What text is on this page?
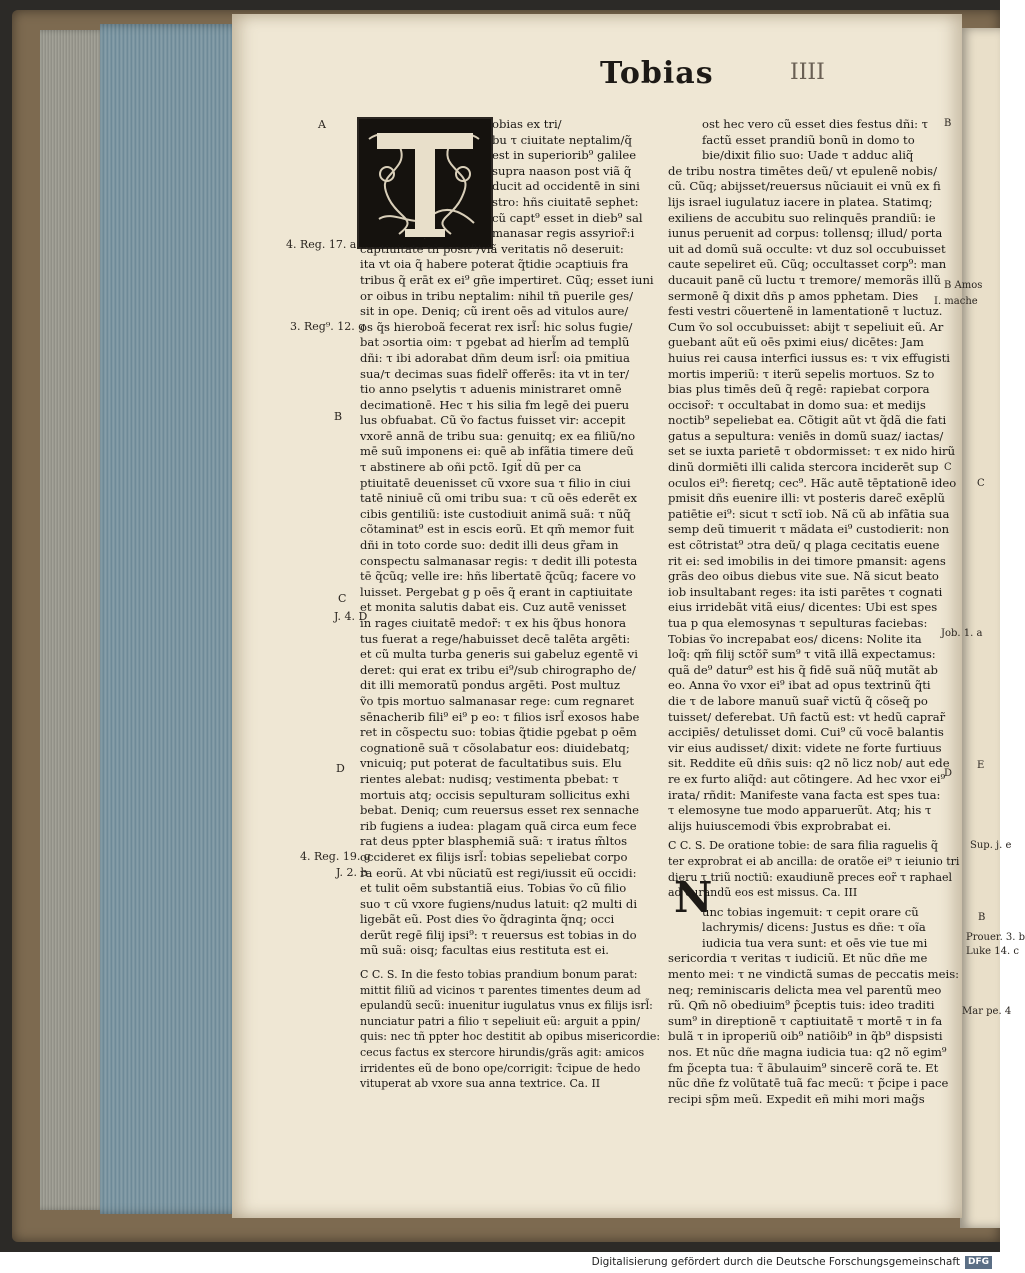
Tobias	IIII
T
N
obias ex tri/
bu τ ciuitate neptalim/q̃
est in superiorib⁹ galilee
supra naason post viã q̃
ducit ad occidentē in sini
stro: hñs ciuitatē sephet:
cũ capt⁹ esset in dieb⁹ sal
manasar regis assyrior̃:i
captiuitate tñ posit⁹/viã veritatis nõ deseruit:
ita vt oia q̃ habere poterat q̃tidie ɔcaptiuis fra
tribus q̃ erāt ex ei⁹ gñe impertiret. Cũq; esset iuni
or oibus in tribu neptalim: nihil tñ puerile ges/
sit in ope. Deniq; cũ irent oēs ad vitulos aure/
os q̃s hieroboã fecerat rex isrl̃: hic solus fugie/
bat ɔsortia oim: τ pgebat ad hierl̃m ad templũ
dñi: τ ibi adorabat dñm deum isrl̃: oia pmitiua
sua/τ decimas suas fidelr̃ offerēs: ita vt in ter/
tio anno pselytis τ aduenis ministraret omnē
decimationē. Hec τ his silia fm legē dei pueru
lus obfuabat. Cũ ṽo factus fuisset vir: accepit
vxorē annã de tribu sua: genuitq; ex ea filiũ/no
mē suũ imponens ei: quē ab infãtia timere deũ
τ abstinere ab oñi pctõ. Igit̃ dũ per ca
ptiuitatē deuenisset cũ vxore sua τ filio in ciui
tatē niniuē cũ omi tribu sua: τ cũ oēs ederēt ex
cibis gentiliũ: iste custodiuit animã suã: τ nũq̃
cõtaminat⁹ est in escis eorũ. Et qm̃ memor fuit
dñi in toto corde suo: dedit illi deus gr̃am in
conspectu salmanasar regis: τ dedit illi potesta
tē q̃cũq; velle ire: hñs libertatē q̃cũq; facere vo
luisset. Pergebat g p oēs q̃ erant in captiuitate
et monita salutis dabat eis. Cuz autē venisset
in rages ciuitatē medor̃: τ ex his q̃bus honora
tus fuerat a rege/habuisset decē talēta argēti:
et cũ multa turba generis sui gabeluz egentē vi
deret: qui erat ex tribu ei⁹/sub chirographo de/
dit illi memoratũ pondus argēti. Post multuz
ṽo tpis mortuo salmanasar rege: cum regnaret
sēnacherib fili⁹ ei⁹ p eo: τ filios isrl̃ exosos habe
ret in cõspectu suo: tobias q̃tidie pgebat p oēm
cognationē suã τ cõsolabatur eos: diuidebatq;
vnicuiq; put poterat de facultatibus suis. Elu
rientes alebat: nudisq; vestimenta pbebat: τ
mortuis atq; occisis sepulturam sollicitus exhi
bebat. Deniq; cum reuersus esset rex sennache
rib fugiens a iudea: plagam quã circa eum fece
rat deus ppter blasphemiã suã: τ iratus m̃ltos
occideret ex filijs isrl̃: tobias sepeliebat corpo
ra eorũ. At vbi nũciatũ est regi/iussit eũ occidi:
et tulit oēm substantiã eius. Tobias ṽo cũ filio
suo τ cũ vxore fugiens/nudus latuit: q2 multi di
ligebãt eũ. Post dies ṽo q̃draginta q̃nq; occi
derũt regē filij ipsi⁹: τ reuersus est tobias in do
mũ suã: oisq; facultas eius restituta est ei.
C C. S. In die festo tobias prandium bonum parat:
mittit filiũ ad vicinos τ parentes timentes deum ad
epulandũ secũ: inuenitur iugulatus vnus ex filijs isrl̃:
nunciatur patri a filio τ sepeliuit eũ: arguit a ppin/
quis: nec tñ ppter hoc destitit ab opibus misericordie:
cecus factus ex stercore hirundis/grãs agit: amicos
irridentes eũ de bono ope/corrigit: τ̃cipue de hedo
vituperat ab vxore sua anna textrice. Ca. II
ost hec vero cũ esset dies festus dñi: τ
factũ esset prandiũ bonũ in domo to
bie/dixit filio suo: Uade τ adduc aliq̃
de tribu nostra timētes deũ/ vt epulenẽ nobis/
cũ. Cũq; abijsset/reuersus nũciauit ei vnũ ex fi
lijs israel iugulatuz iacere in platea. Statimq;
exiliens de accubitu suo relinquēs prandiũ: ie
iunus peruenit ad corpus: tollensq; illud/ porta
uit ad domũ suã occulte: vt duz sol occubuisset
caute sepeliret eũ. Cũq; occultasset corp⁹: man
ducauit panē cũ luctu τ tremore/ memorãs illũ
sermonē q̃ dixit dñs p amos pphetam. Dies
festi vestri cõuertenẽ in lamentationē τ luctuz.
Cum ṽo sol occubuisset: abijt τ sepeliuit eũ. Ar
guebant aũt eũ oēs pximi eius/ dicētes: Jam
huius rei causa interfici iussus es: τ vix effugisti
mortis imperiũ: τ iterũ sepelis mortuos. Sz to
bias plus timēs deũ q̃ regē: rapiebat corpora
occisor̃: τ occultabat in domo sua: et medijs
noctib⁹ sepeliebat ea. Cõtigit aũt vt q̃dã die fati
gatus a sepultura: veniēs in domũ suaz/ iactas/
set se iuxta parietē τ obdormisset: τ ex nido hirũ
dinũ dormiēti illi calida stercora inciderēt sup
oculos ei⁹: fieretq; cec⁹. Hãc autē tēptationē ideo
pmisit dñs euenire illi: vt posteris darec̃ exēplũ
patiētie ei⁹: sicut τ sctĩ iob. Nã cũ ab infãtia sua
semp deũ timuerit τ mãdata ei⁹ custodierit: non
est cõtristat⁹ ɔtra deũ/ q plaga cecitatis euene
rit ei: sed imobilis in dei timore pmansit: agens
grãs deo oibus diebus vite sue. Nã sicut beato
iob insultabant reges: ita isti parētes τ cognati
eius irridebãt vitã eius/ dicentes: Ubi est spes
tua p qua elemosynas τ sepulturas faciebas:
Tobias ṽo increpabat eos/ dicens: Nolite ita
loq̃: qm̃ filij sctõr̃ sum⁹ τ vitã illã expectamus:
quã de⁹ datur⁹ est his q̃ fidē suã nũq̃ mutãt ab
eo. Anna ṽo vxor ei⁹ ibat ad opus textrinũ q̃ti
die τ de labore manuũ suar̃ victũ q̃ cõseq̃ po
tuisset/ deferebat. Un̄ factũ est: vt hedũ caprar̃
accipiēs/ detulisset domi. Cui⁹ cũ vocē balantis
vir eius audisset/ dixit: videte ne forte furtiuus
sit. Reddite eũ dñis suis: q2 nõ licz nob/ aut ede
re ex furto aliq̃d: aut cõtingere. Ad hec vxor ei⁹
irata/ rñdit: Manifeste vana facta est spes tua:
τ elemosyne tue modo apparuerũt. Atq; his τ
alijs huiuscemodi ṽbis exprobrabat ei.
C C. S. De oratione tobie: de sara filia raguelis q̃
ter exprobrat ei ab ancilla: de oratõe ei⁹ τ ieiunio tri
dieru τ triũ noctiũ: exaudiunẽ preces eor̃ τ raphael
ad curandũ eos est missus. Ca. III
unc tobias ingemuit: τ cepit orare cũ
lachrymis/ dicens: Justus es dñe: τ oĩa
iudicia tua vera sunt: et oēs vie tue mi
sericordia τ veritas τ iudiciũ. Et nũc dñe me
mento mei: τ ne vindictã sumas de peccatis meis:
neq; reminiscaris delicta mea vel parentũ meo
rũ. Qm̃ nõ obediuim⁹ p̃ceptis tuis: ideo traditi
sum⁹ in direptionē τ captiuitatē τ mortē τ in fa
bulã τ in iproperiũ oib⁹ natiõib⁹ in q̃b⁹ dispsisti
nos. Et nũc dñe magna iudicia tua: q2 nõ egim⁹
fm p̃cepta tua: τ̃ ãbulauim⁹ sincerẽ corã te. Et
nũc dñe fz volũtatē tuã fac mecũ: τ p̃cipe i pace
recipi sp̃m meũ. Expedit eñ mihi mori mag̃s
A
4. Reg. 17. a
3. Reg⁹. 12. g
B
C
J. 4. D
D
4. Reg. 19. g
J. 2. b
B
B Amos
I. mache
C
C
Job. 1. a
D
E
B
Prouer. 3. b
Luke 14. c
Sup. j. e
Mar pe. 4
Digitalisierung gefördert durch die Deutsche Forschungsgemeinschaft DFG
